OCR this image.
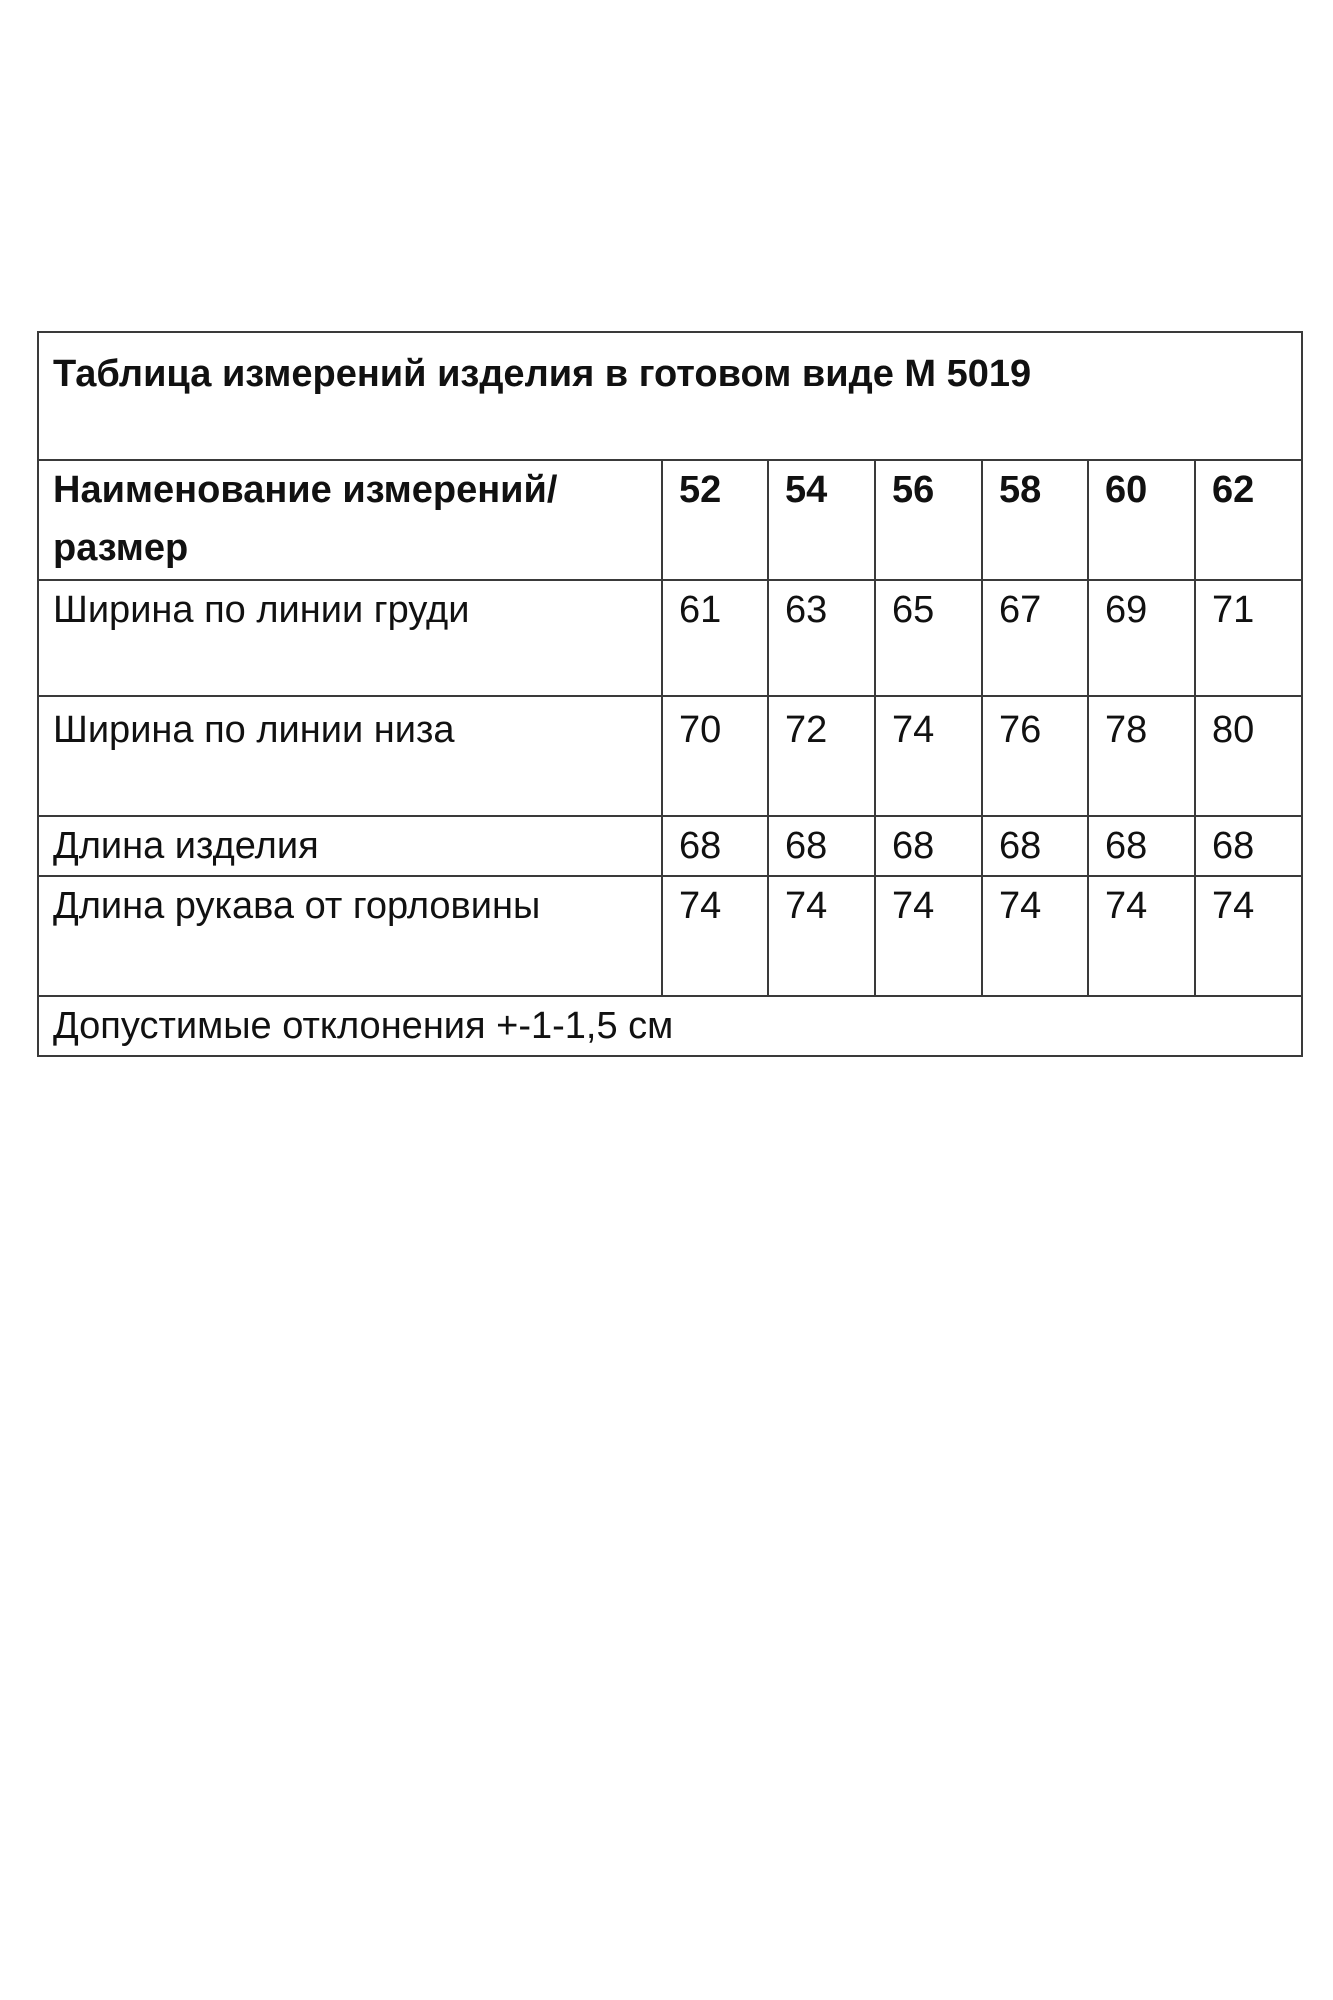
Таблица измерений изделия в готовом виде М 5019						
Наименование измерений/размер	52	54	56	58	60	62
Ширина по линии груди	61	63	65	67	69	71
Ширина по линии низа	70	72	74	76	78	80
Длина изделия	68	68	68	68	68	68
Длина рукава от горловины	74	74	74	74	74	74
Допустимые отклонения +-1-1,5 см						
